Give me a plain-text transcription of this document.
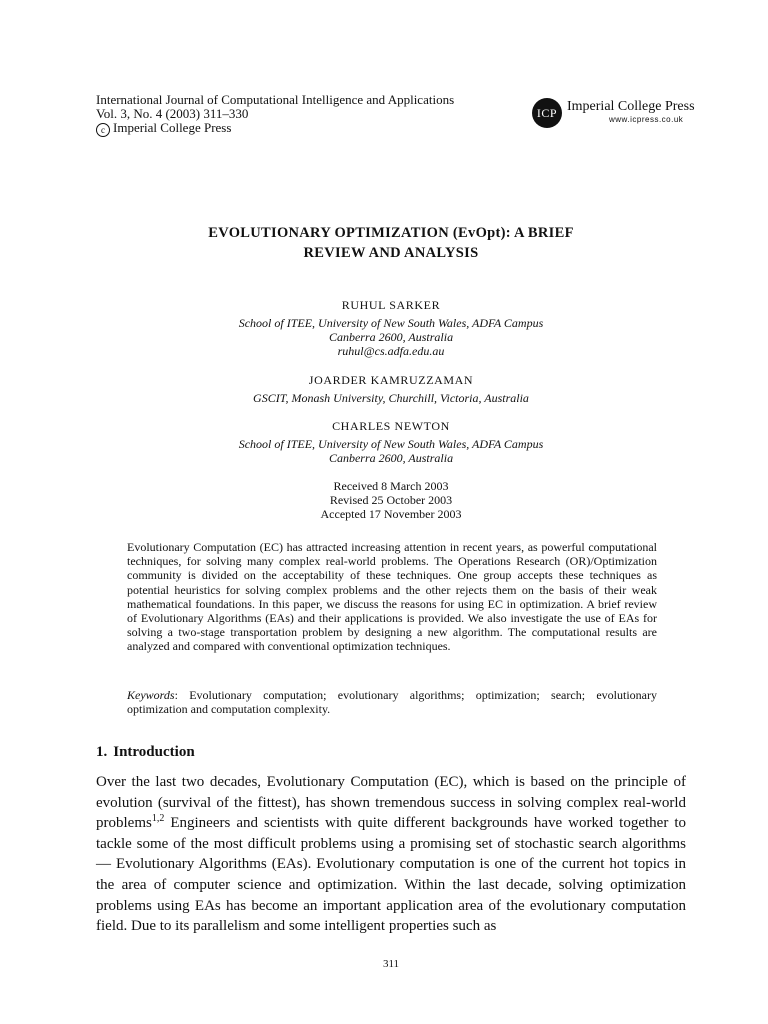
International Journal of Computational Intelligence and Applications
Vol. 3, No. 4 (2003) 311–330
c Imperial College Press
ICP Imperial College Press
www.icpress.co.uk
EVOLUTIONARY OPTIMIZATION (EvOpt): A BRIEF
REVIEW AND ANALYSIS
RUHUL SARKER
School of ITEE, University of New South Wales, ADFA Campus
Canberra 2600, Australia
ruhul@cs.adfa.edu.au
JOARDER KAMRUZZAMAN
GSCIT, Monash University, Churchill, Victoria, Australia
CHARLES NEWTON
School of ITEE, University of New South Wales, ADFA Campus
Canberra 2600, Australia
Received 8 March 2003
Revised 25 October 2003
Accepted 17 November 2003
Evolutionary Computation (EC) has attracted increasing attention in recent years, as powerful computational techniques, for solving many complex real-world problems. The Operations Research (OR)/Optimization community is divided on the acceptability of these techniques. One group accepts these techniques as potential heuristics for solving complex problems and the other rejects them on the basis of their weak mathematical foundations. In this paper, we discuss the reasons for using EC in optimization. A brief review of Evolutionary Algorithms (EAs) and their applications is provided. We also investigate the use of EAs for solving a two-stage transportation problem by designing a new algorithm. The computational results are analyzed and compared with conventional optimization techniques.
Keywords: Evolutionary computation; evolutionary algorithms; optimization; search; evolutionary optimization and computation complexity.
1. Introduction
Over the last two decades, Evolutionary Computation (EC), which is based on the principle of evolution (survival of the fittest), has shown tremendous success in solving complex real-world problems$^{1,2}$ Engineers and scientists with quite different backgrounds have worked together to tackle some of the most difficult problems using a promising set of stochastic search algorithms — Evolutionary Algorithms (EAs). Evolutionary computation is one of the current hot topics in the area of computer science and optimization. Within the last decade, solving optimization problems using EAs has become an important application area of the evolutionary computation field. Due to its parallelism and some intelligent properties such as
311
